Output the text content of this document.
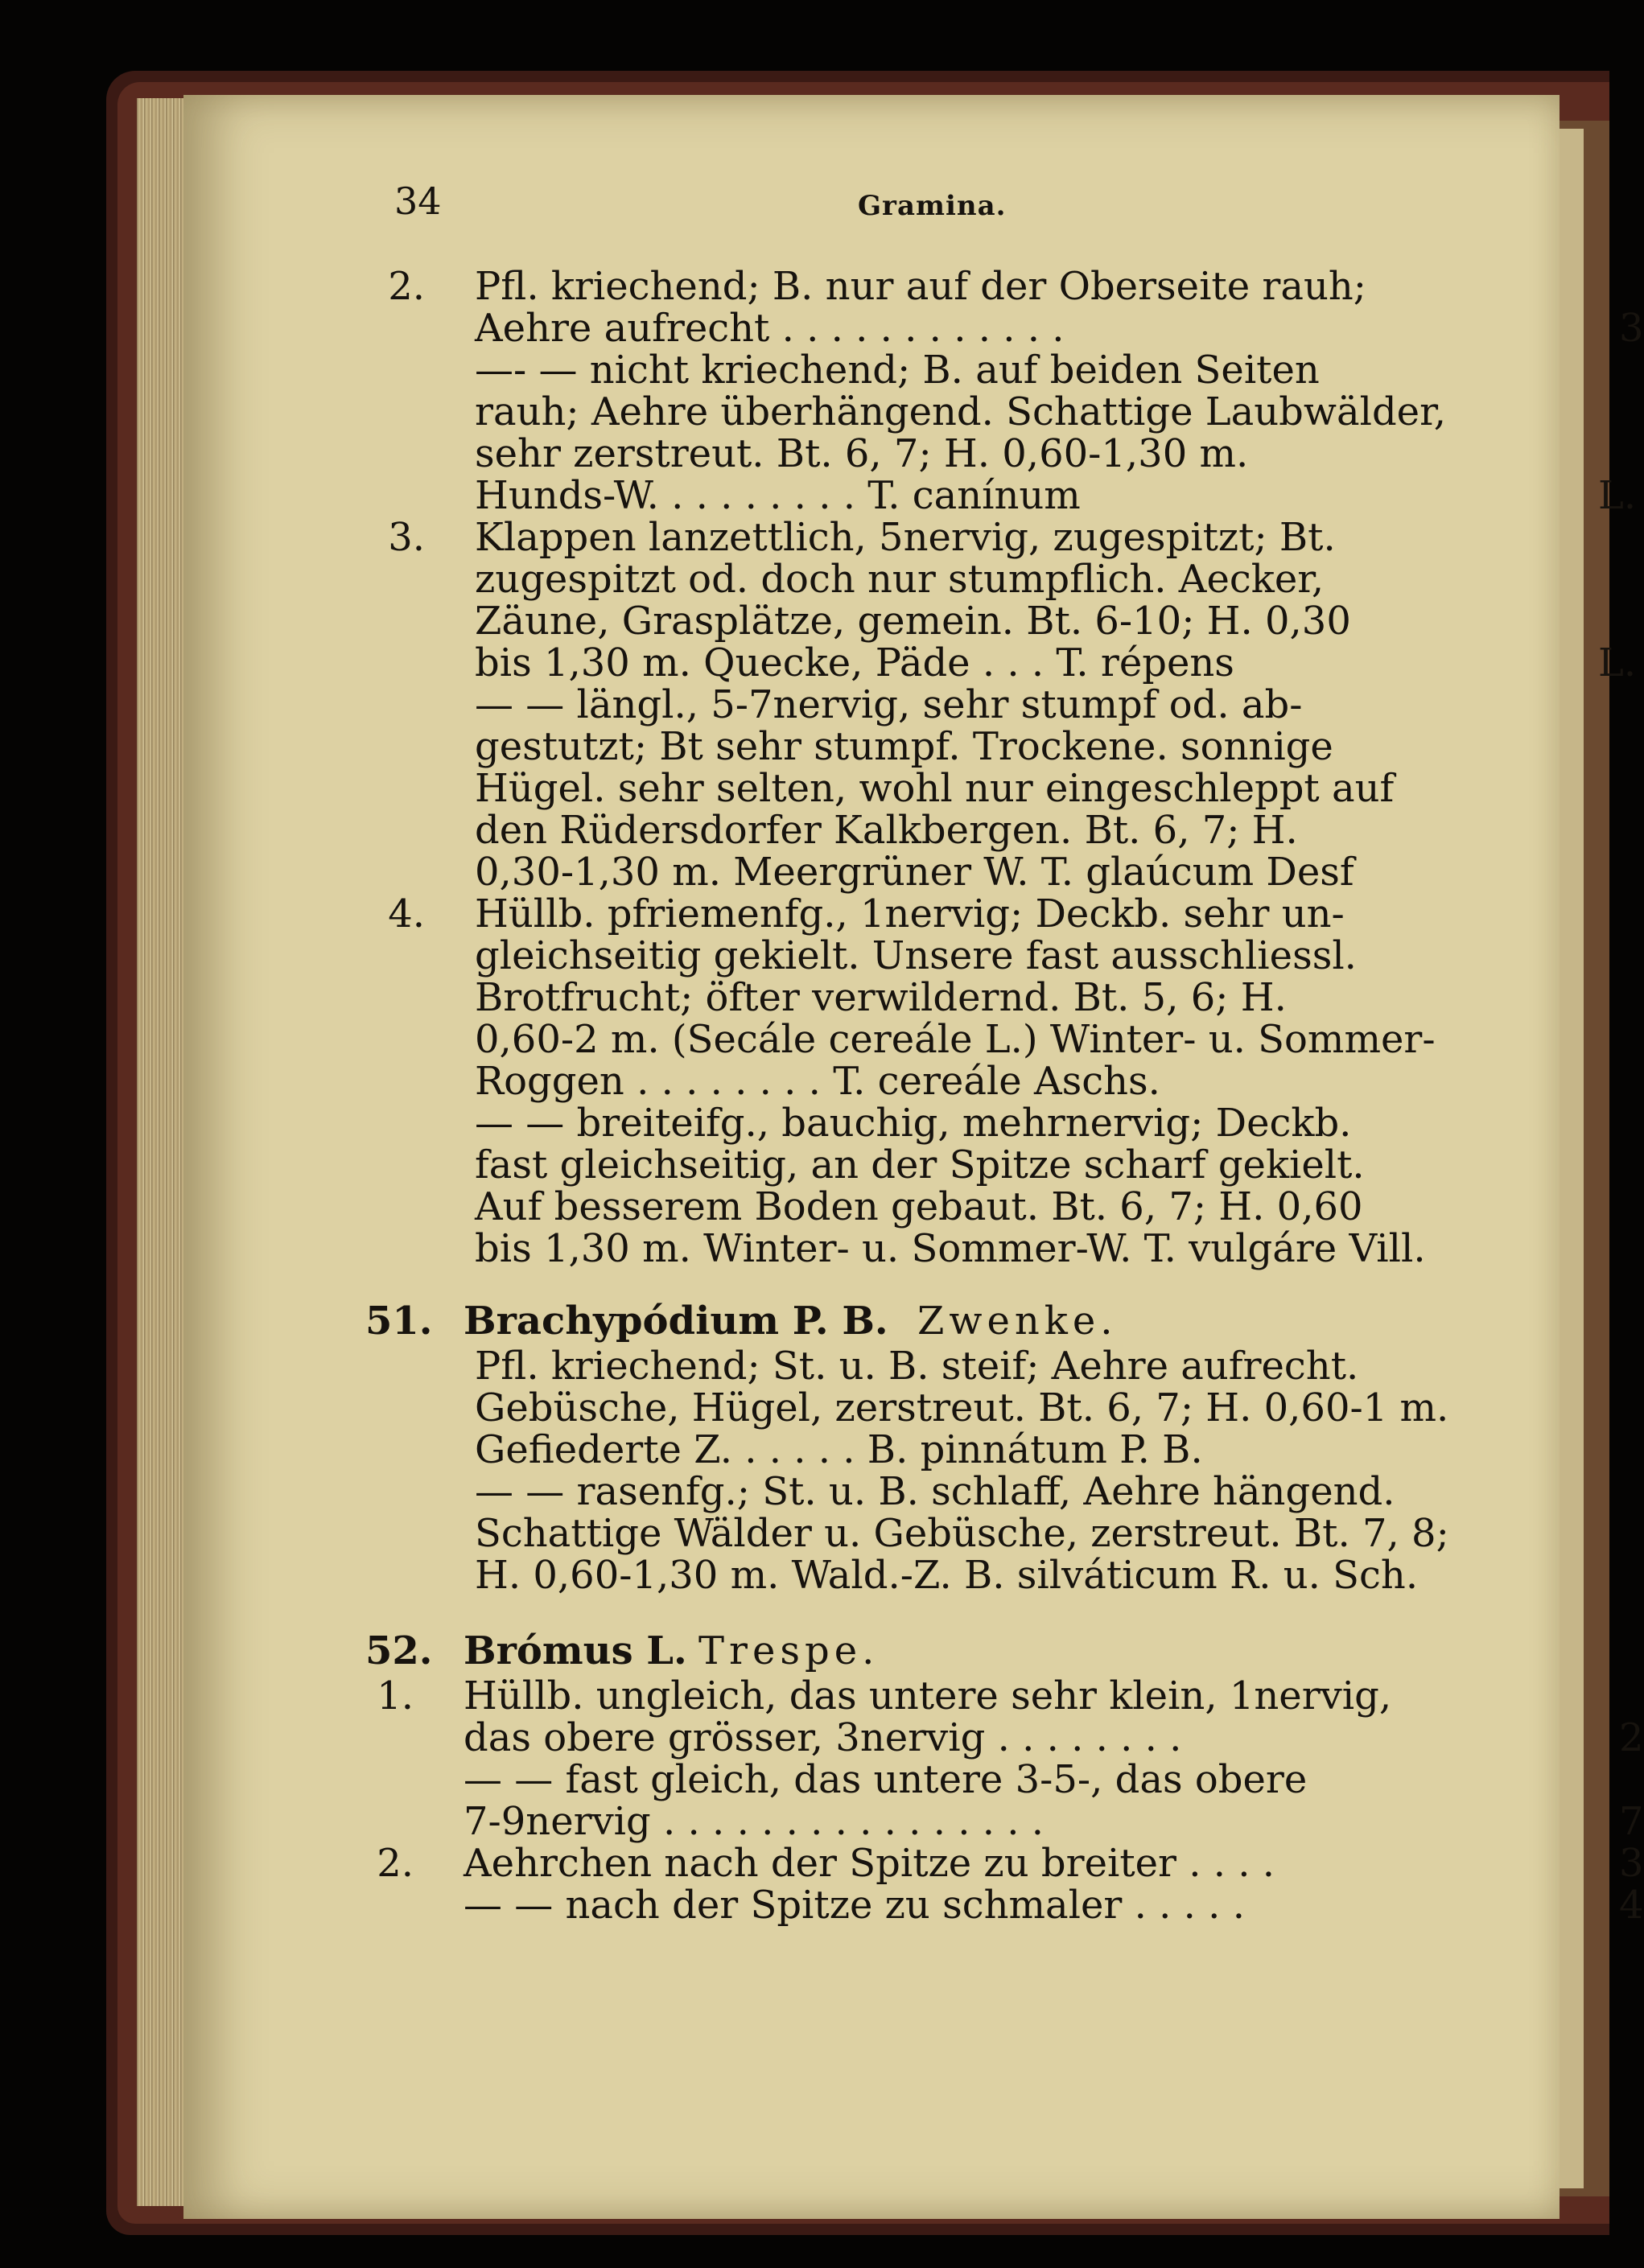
34	Gramina.
2. Pfl. kriechend; B. nur auf der Oberseite rauh;
Aehre aufrecht . . . . . . . . . . . .	3
—- — nicht kriechend; B. auf beiden Seiten
rauh; Aehre überhängend. Schattige Laubwälder,
sehr zerstreut. Bt. 6, 7; H. 0,60-1,30 m.
Hunds-W. . . . . . . . . T. canínum	L.
3. Klappen lanzettlich, 5nervig, zugespitzt; Bt.
zugespitzt od. doch nur stumpflich. Aecker,
Zäune, Grasplätze, gemein. Bt. 6-10; H. 0,30
bis 1,30 m. Quecke, Päde . . . T. répens	L.
— — längl., 5-7nervig, sehr stumpf od. ab-
gestutzt; Bt sehr stumpf. Trockene. sonnige
Hügel. sehr selten, wohl nur eingeschleppt auf
den Rüdersdorfer Kalkbergen. Bt. 6, 7; H.
0,30-1,30 m. Meergrüner W. T. glaúcum Desf
4. Hüllb. pfriemenfg., 1nervig; Deckb. sehr un-
gleichseitig gekielt. Unsere fast ausschliessl.
Brotfrucht; öfter verwildernd. Bt. 5, 6; H.
0,60-2 m. (Secále cereále L.) Winter- u. Sommer-
Roggen . . . . . . . . T. cereále Aschs.
— — breiteifg., bauchig, mehrnervig; Deckb.
fast gleichseitig, an der Spitze scharf gekielt.
Auf besserem Boden gebaut. Bt. 6, 7; H. 0,60
bis 1,30 m. Winter- u. Sommer-W. T. vulgáre Vill.
51. Brachypódium P. B. Zwenke.
Pfl. kriechend; St. u. B. steif; Aehre aufrecht.
Gebüsche, Hügel, zerstreut. Bt. 6, 7; H. 0,60-1 m.
Gefiederte Z. . . . . . B. pinnátum P. B.
— — rasenfg.; St. u. B. schlaff, Aehre hängend.
Schattige Wälder u. Gebüsche, zerstreut. Bt. 7, 8;
H. 0,60-1,30 m. Wald.-Z. B. silváticum R. u. Sch.
52. Brómus L. Trespe.
1. Hüllb. ungleich, das untere sehr klein, 1nervig,
das obere grösser, 3nervig . . . . . . . .	2
— — fast gleich, das untere 3-5-, das obere
7-9nervig . . . . . . . . . . . . . . . .	7
2. Aehrchen nach der Spitze zu breiter . . . .	3
— — nach der Spitze zu schmaler . . . . .	4
